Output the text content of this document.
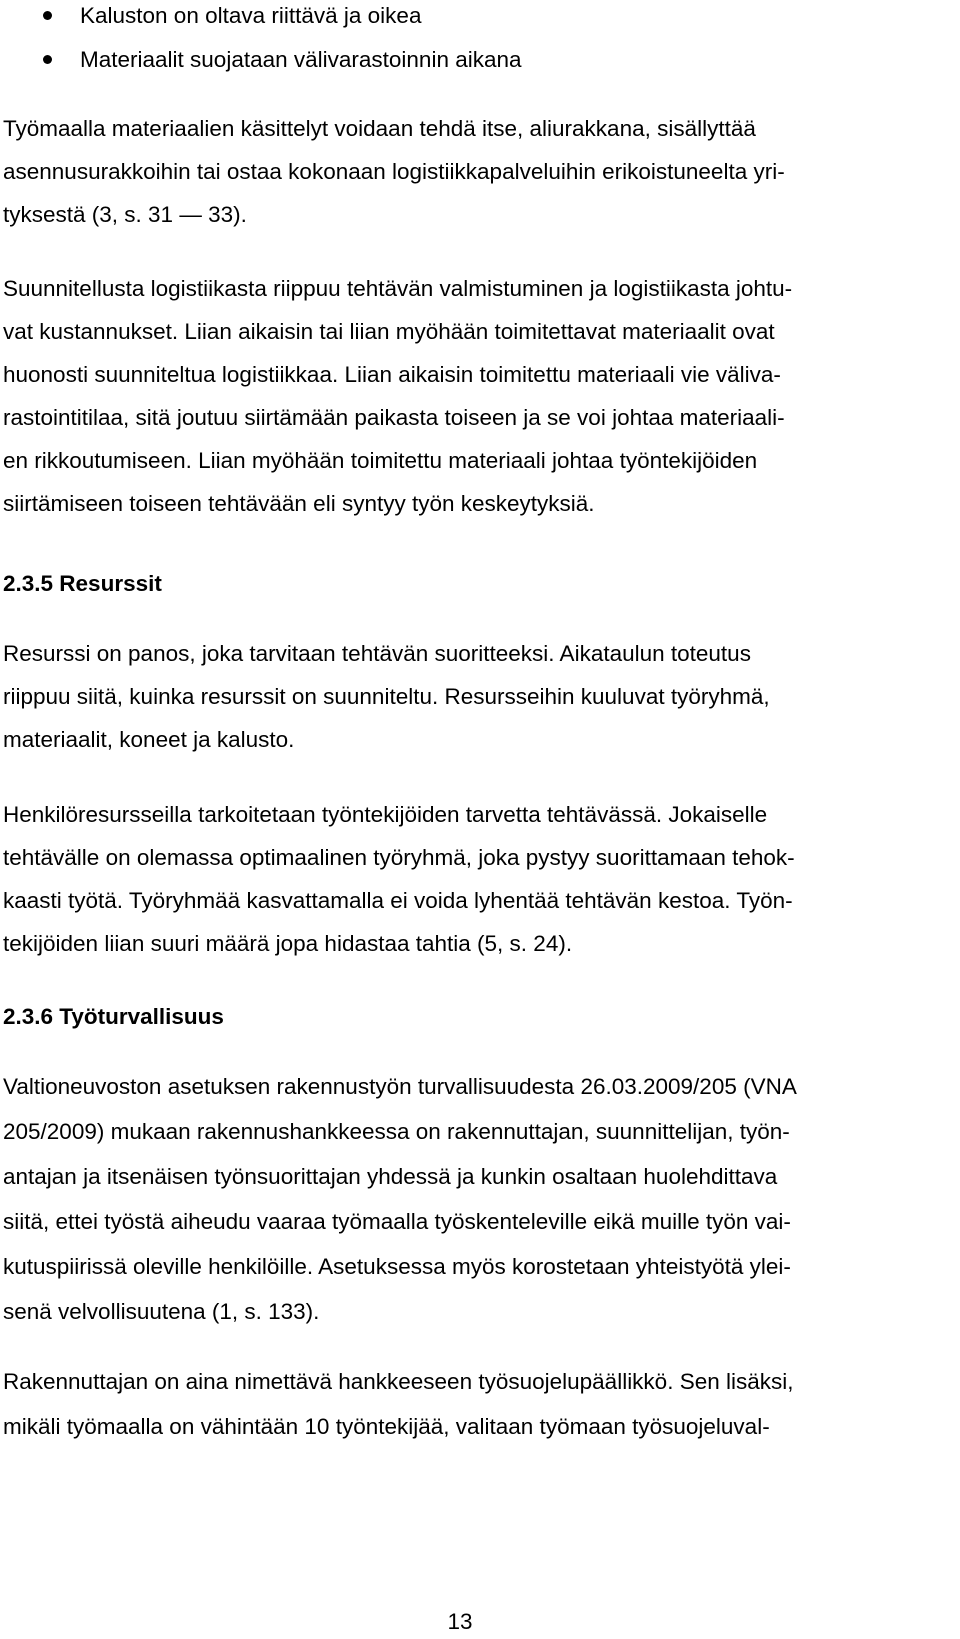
Kaluston on oltava riittävä ja oikea
Materiaalit suojataan välivarastoinnin aikana

Työmaalla materiaalien käsittelyt voidaan tehdä itse, aliurakkana, sisällyttää
asennusurakkoihin tai ostaa kokonaan logistiikkapalveluihin erikoistuneelta yri-
tyksestä (3, s. 31 — 33).

Suunnitellusta logistiikasta riippuu tehtävän valmistuminen ja logistiikasta johtu-
vat kustannukset. Liian aikaisin tai liian myöhään toimitettavat materiaalit ovat
huonosti suunniteltua logistiikkaa. Liian aikaisin toimitettu materiaali vie väliva-
rastointitilaa, sitä joutuu siirtämään paikasta toiseen ja se voi johtaa materiaali-
en rikkoutumiseen. Liian myöhään toimitettu materiaali johtaa työntekijöiden
siirtämiseen toiseen tehtävään eli syntyy työn keskeytyksiä.

2.3.5 Resurssit

Resurssi on panos, joka tarvitaan tehtävän suoritteeksi. Aikataulun toteutus
riippuu siitä, kuinka resurssit on suunniteltu. Resursseihin kuuluvat työryhmä,
materiaalit, koneet ja kalusto.

Henkilöresursseilla tarkoitetaan työntekijöiden tarvetta tehtävässä. Jokaiselle
tehtävälle on olemassa optimaalinen työryhmä, joka pystyy suorittamaan tehok-
kaasti työtä. Työryhmää kasvattamalla ei voida lyhentää tehtävän kestoa. Työn-
tekijöiden liian suuri määrä jopa hidastaa tahtia (5, s. 24).

2.3.6 Työturvallisuus

Valtioneuvoston asetuksen rakennustyön turvallisuudesta 26.03.2009/205 (VNA
205/2009) mukaan rakennushankkeessa on rakennuttajan, suunnittelijan, työn-
antajan ja itsenäisen työnsuorittajan yhdessä ja kunkin osaltaan huolehdittava
siitä, ettei työstä aiheudu vaaraa työmaalla työskenteleville eikä muille työn vai-
kutuspiirissä oleville henkilöille. Asetuksessa myös korostetaan yhteistyötä ylei-
senä velvollisuutena (1, s. 133).

Rakennuttajan on aina nimettävä hankkeeseen työsuojelupäällikkö. Sen lisäksi,
mikäli työmaalla on vähintään 10 työntekijää, valitaan työmaan työsuojeluval-

13
